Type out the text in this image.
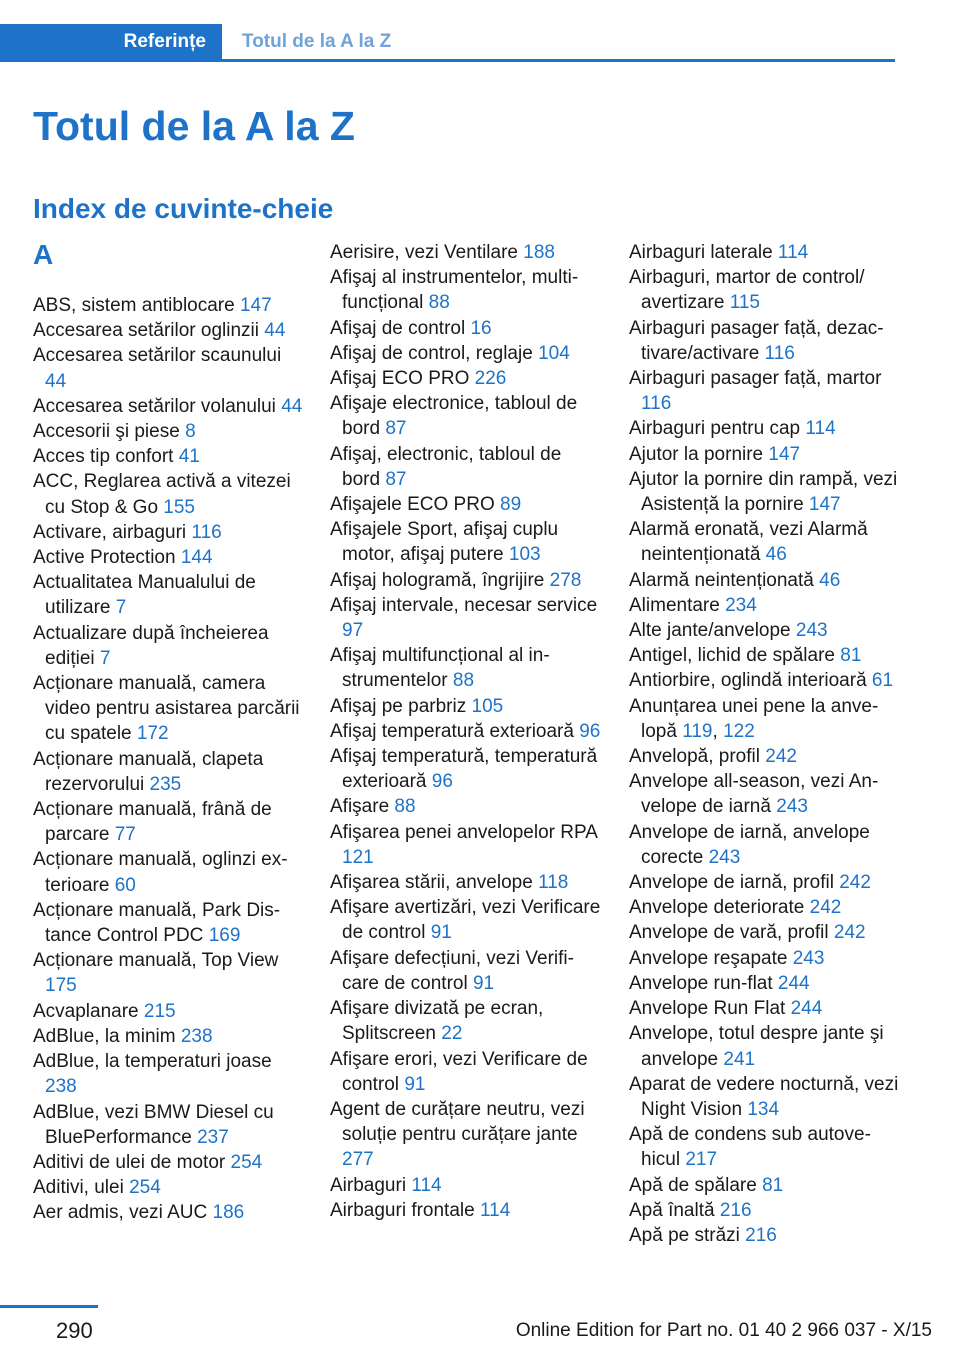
Referințe Totul de la A la Z
Totul de la A la Z
Index de cuvinte-cheie
A
ABS, sistem antiblocare 147
Accesarea setărilor oglinzii 44
Accesarea setărilor scaunului 44
Accesarea setărilor volanului 44
Accesorii şi piese 8
Acces tip confort 41
ACC, Reglarea activă a vitezei cu Stop & Go 155
Activare, airbaguri 116
Active Protection 144
Actualitatea Manualului de utilizare 7
Actualizare după încheierea ediției 7
Acționare manuală, camera video pentru asistarea parcării cu spatele 172
Acționare manuală, clapeta rezervorului 235
Acționare manuală, frână de parcare 77
Acționare manuală, oglinzi exterioare 60
Acționare manuală, Park Distance Control PDC 169
Acționare manuală, Top View 175
Acvaplanare 215
AdBlue, la minim 238
AdBlue, la temperaturi joase 238
AdBlue, vezi BMW Diesel cu BluePerformance 237
Aditivi de ulei de motor 254
Aditivi, ulei 254
Aer admis, vezi AUC 186
Aerisire, vezi Ventilare 188
Afişaj al instrumentelor, multifuncțional 88
Afişaj de control 16
Afişaj de control, reglaje 104
Afişaj ECO PRO 226
Afişaje electronice, tabloul de bord 87
Afişaj, electronic, tabloul de bord 87
Afişajele ECO PRO 89
Afişajele Sport, afişaj cuplu motor, afişaj putere 103
Afişaj hologramă, îngrijire 278
Afişaj intervale, necesar service 97
Afişaj multifuncțional al instrumentelor 88
Afişaj pe parbriz 105
Afişaj temperatură exterioară 96
Afişaj temperatură, temperatură exterioară 96
Afişare 88
Afişarea penei anvelopelor RPA 121
Afişarea stării, anvelope 118
Afişare avertizări, vezi Verificare de control 91
Afişare defecțiuni, vezi Verificare de control 91
Afişare divizată pe ecran, Splitscreen 22
Afişare erori, vezi Verificare de control 91
Agent de curățare neutru, vezi soluție pentru curățare jante 277
Airbaguri 114
Airbaguri frontale 114
Airbaguri laterale 114
Airbaguri, martor de control/ avertizare 115
Airbaguri pasager față, dezactivare/activare 116
Airbaguri pasager față, martor 116
Airbaguri pentru cap 114
Ajutor la pornire 147
Ajutor la pornire din rampă, vezi Asistență la pornire 147
Alarmă eronată, vezi Alarmă neintenționată 46
Alarmă neintenționată 46
Alimentare 234
Alte jante/anvelope 243
Antigel, lichid de spălare 81
Antiorbire, oglindă interioară 61
Anunțarea unei pene la anvelopă 119, 122
Anvelopă, profil 242
Anvelope all-season, vezi Anvelope de iarnă 243
Anvelope de iarnă, anvelope corecte 243
Anvelope de iarnă, profil 242
Anvelope deteriorate 242
Anvelope de vară, profil 242
Anvelope reşapate 243
Anvelope run-flat 244
Anvelope Run Flat 244
Anvelope, totul despre jante şi anvelope 241
Aparat de vedere nocturnă, vezi Night Vision 134
Apă de condens sub autovehicul 217
Apă de spălare 81
Apă înaltă 216
Apă pe străzi 216
290	Online Edition for Part no. 01 40 2 966 037 - X/15
